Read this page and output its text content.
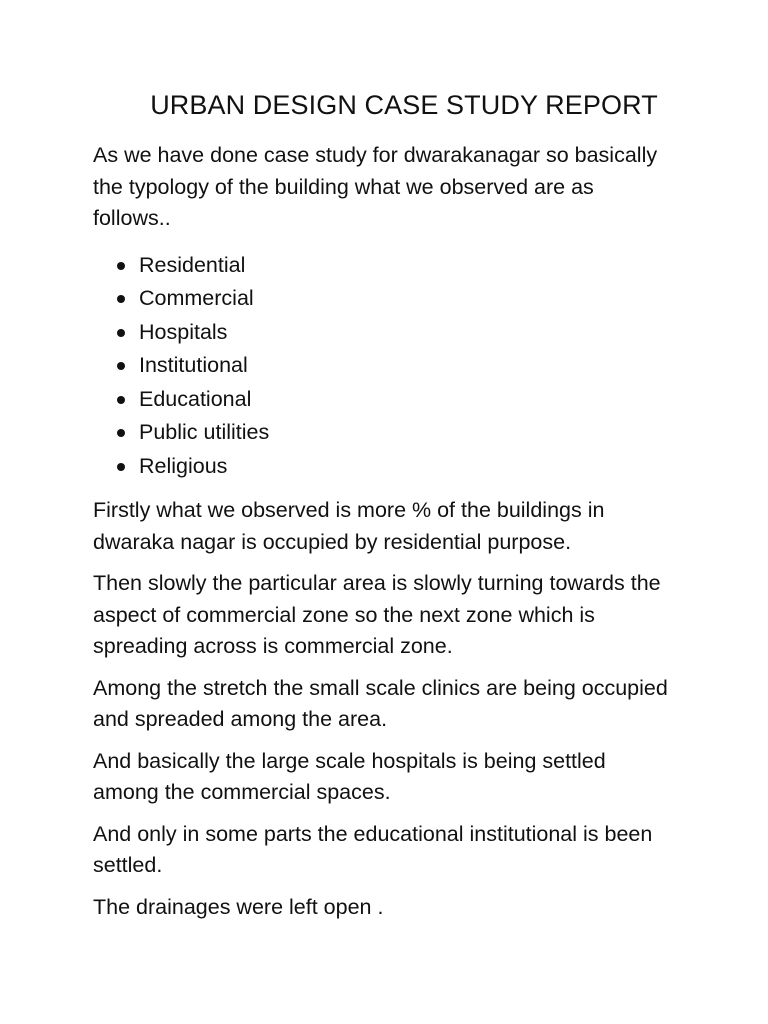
URBAN DESIGN CASE STUDY REPORT

As we have done case study for dwarakanagar so basically the typology of the building what we observed are as follows..

Residential
Commercial
Hospitals
Institutional
Educational
Public utilities
Religious

Firstly what we observed is more % of the buildings in dwaraka nagar is occupied by residential purpose.

Then slowly the particular area is slowly turning towards the aspect of commercial zone so the next zone which is spreading across is commercial zone.

Among the stretch the small scale clinics are being occupied and spreaded among the area.

And basically the large scale hospitals is being settled among the commercial spaces.

And only in some parts the educational institutional is been settled.

The drainages were left open .
